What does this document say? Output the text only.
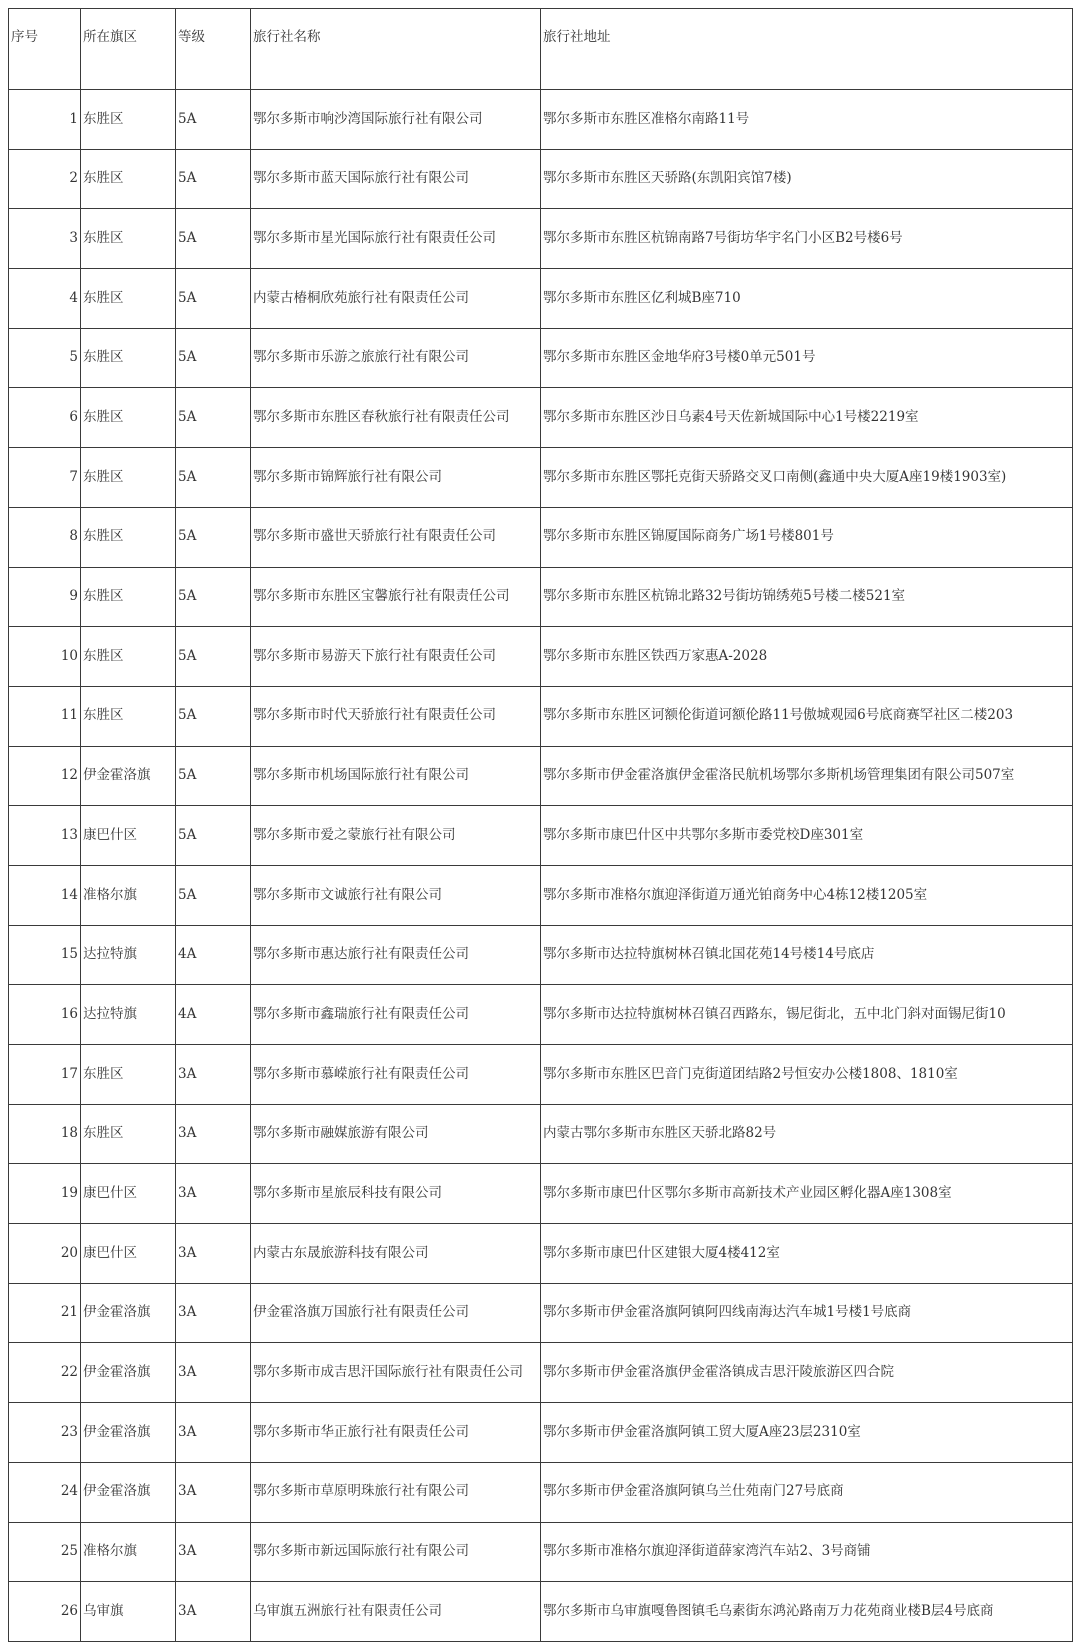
序号	所在旗区	等级	旅行社名称	旅行社地址
1	东胜区	5A	鄂尔多斯市响沙湾国际旅行社有限公司	鄂尔多斯市东胜区准格尔南路11号
2	东胜区	5A	鄂尔多斯市蓝天国际旅行社有限公司	鄂尔多斯市东胜区天骄路(东凯阳宾馆7楼)
3	东胜区	5A	鄂尔多斯市星光国际旅行社有限责任公司	鄂尔多斯市东胜区杭锦南路7号街坊华宇名门小区B2号楼6号
4	东胜区	5A	内蒙古椿桐欣苑旅行社有限责任公司	鄂尔多斯市东胜区亿利城B座710
5	东胜区	5A	鄂尔多斯市乐游之旅旅行社有限公司	鄂尔多斯市东胜区金地华府3号楼0单元501号
6	东胜区	5A	鄂尔多斯市东胜区春秋旅行社有限责任公司	鄂尔多斯市东胜区沙日乌素4号天佐新城国际中心1号楼2219室
7	东胜区	5A	鄂尔多斯市锦辉旅行社有限公司	鄂尔多斯市东胜区鄂托克街天骄路交叉口南侧(鑫通中央大厦A座19楼1903室)
8	东胜区	5A	鄂尔多斯市盛世天骄旅行社有限责任公司	鄂尔多斯市东胜区锦厦国际商务广场1号楼801号
9	东胜区	5A	鄂尔多斯市东胜区宝馨旅行社有限责任公司	鄂尔多斯市东胜区杭锦北路32号街坊锦绣苑5号楼二楼521室
10	东胜区	5A	鄂尔多斯市易游天下旅行社有限责任公司	鄂尔多斯市东胜区铁西万家惠A-2028
11	东胜区	5A	鄂尔多斯市时代天骄旅行社有限责任公司	鄂尔多斯市东胜区诃额伦街道诃额伦路11号傲城观园6号底商赛罕社区二楼203
12	伊金霍洛旗	5A	鄂尔多斯市机场国际旅行社有限公司	鄂尔多斯市伊金霍洛旗伊金霍洛民航机场鄂尔多斯机场管理集团有限公司507室
13	康巴什区	5A	鄂尔多斯市爱之蒙旅行社有限公司	鄂尔多斯市康巴什区中共鄂尔多斯市委党校D座301室
14	准格尔旗	5A	鄂尔多斯市文诚旅行社有限公司	鄂尔多斯市准格尔旗迎泽街道万通光铂商务中心4栋12楼1205室
15	达拉特旗	4A	鄂尔多斯市惠达旅行社有限责任公司	鄂尔多斯市达拉特旗树林召镇北国花苑14号楼14号底店
16	达拉特旗	4A	鄂尔多斯市鑫瑞旅行社有限责任公司	鄂尔多斯市达拉特旗树林召镇召西路东，锡尼街北，五中北门斜对面锡尼街10
17	东胜区	3A	鄂尔多斯市慕嵘旅行社有限责任公司	鄂尔多斯市东胜区巴音门克街道团结路2号恒安办公楼1808、1810室
18	东胜区	3A	鄂尔多斯市融媒旅游有限公司	内蒙古鄂尔多斯市东胜区天骄北路82号
19	康巴什区	3A	鄂尔多斯市星旅辰科技有限公司	鄂尔多斯市康巴什区鄂尔多斯市高新技术产业园区孵化器A座1308室
20	康巴什区	3A	内蒙古东晟旅游科技有限公司	鄂尔多斯市康巴什区建银大厦4楼412室
21	伊金霍洛旗	3A	伊金霍洛旗万国旅行社有限责任公司	鄂尔多斯市伊金霍洛旗阿镇阿四线南海达汽车城1号楼1号底商
22	伊金霍洛旗	3A	鄂尔多斯市成吉思汗国际旅行社有限责任公司	鄂尔多斯市伊金霍洛旗伊金霍洛镇成吉思汗陵旅游区四合院
23	伊金霍洛旗	3A	鄂尔多斯市华正旅行社有限责任公司	鄂尔多斯市伊金霍洛旗阿镇工贸大厦A座23层2310室
24	伊金霍洛旗	3A	鄂尔多斯市草原明珠旅行社有限公司	鄂尔多斯市伊金霍洛旗阿镇乌兰仕苑南门27号底商
25	准格尔旗	3A	鄂尔多斯市新远国际旅行社有限公司	鄂尔多斯市准格尔旗迎泽街道薛家湾汽车站2、3号商铺
26	乌审旗	3A	乌审旗五洲旅行社有限责任公司	鄂尔多斯市乌审旗嘎鲁图镇毛乌素街东鸿沁路南万力花苑商业楼B层4号底商
